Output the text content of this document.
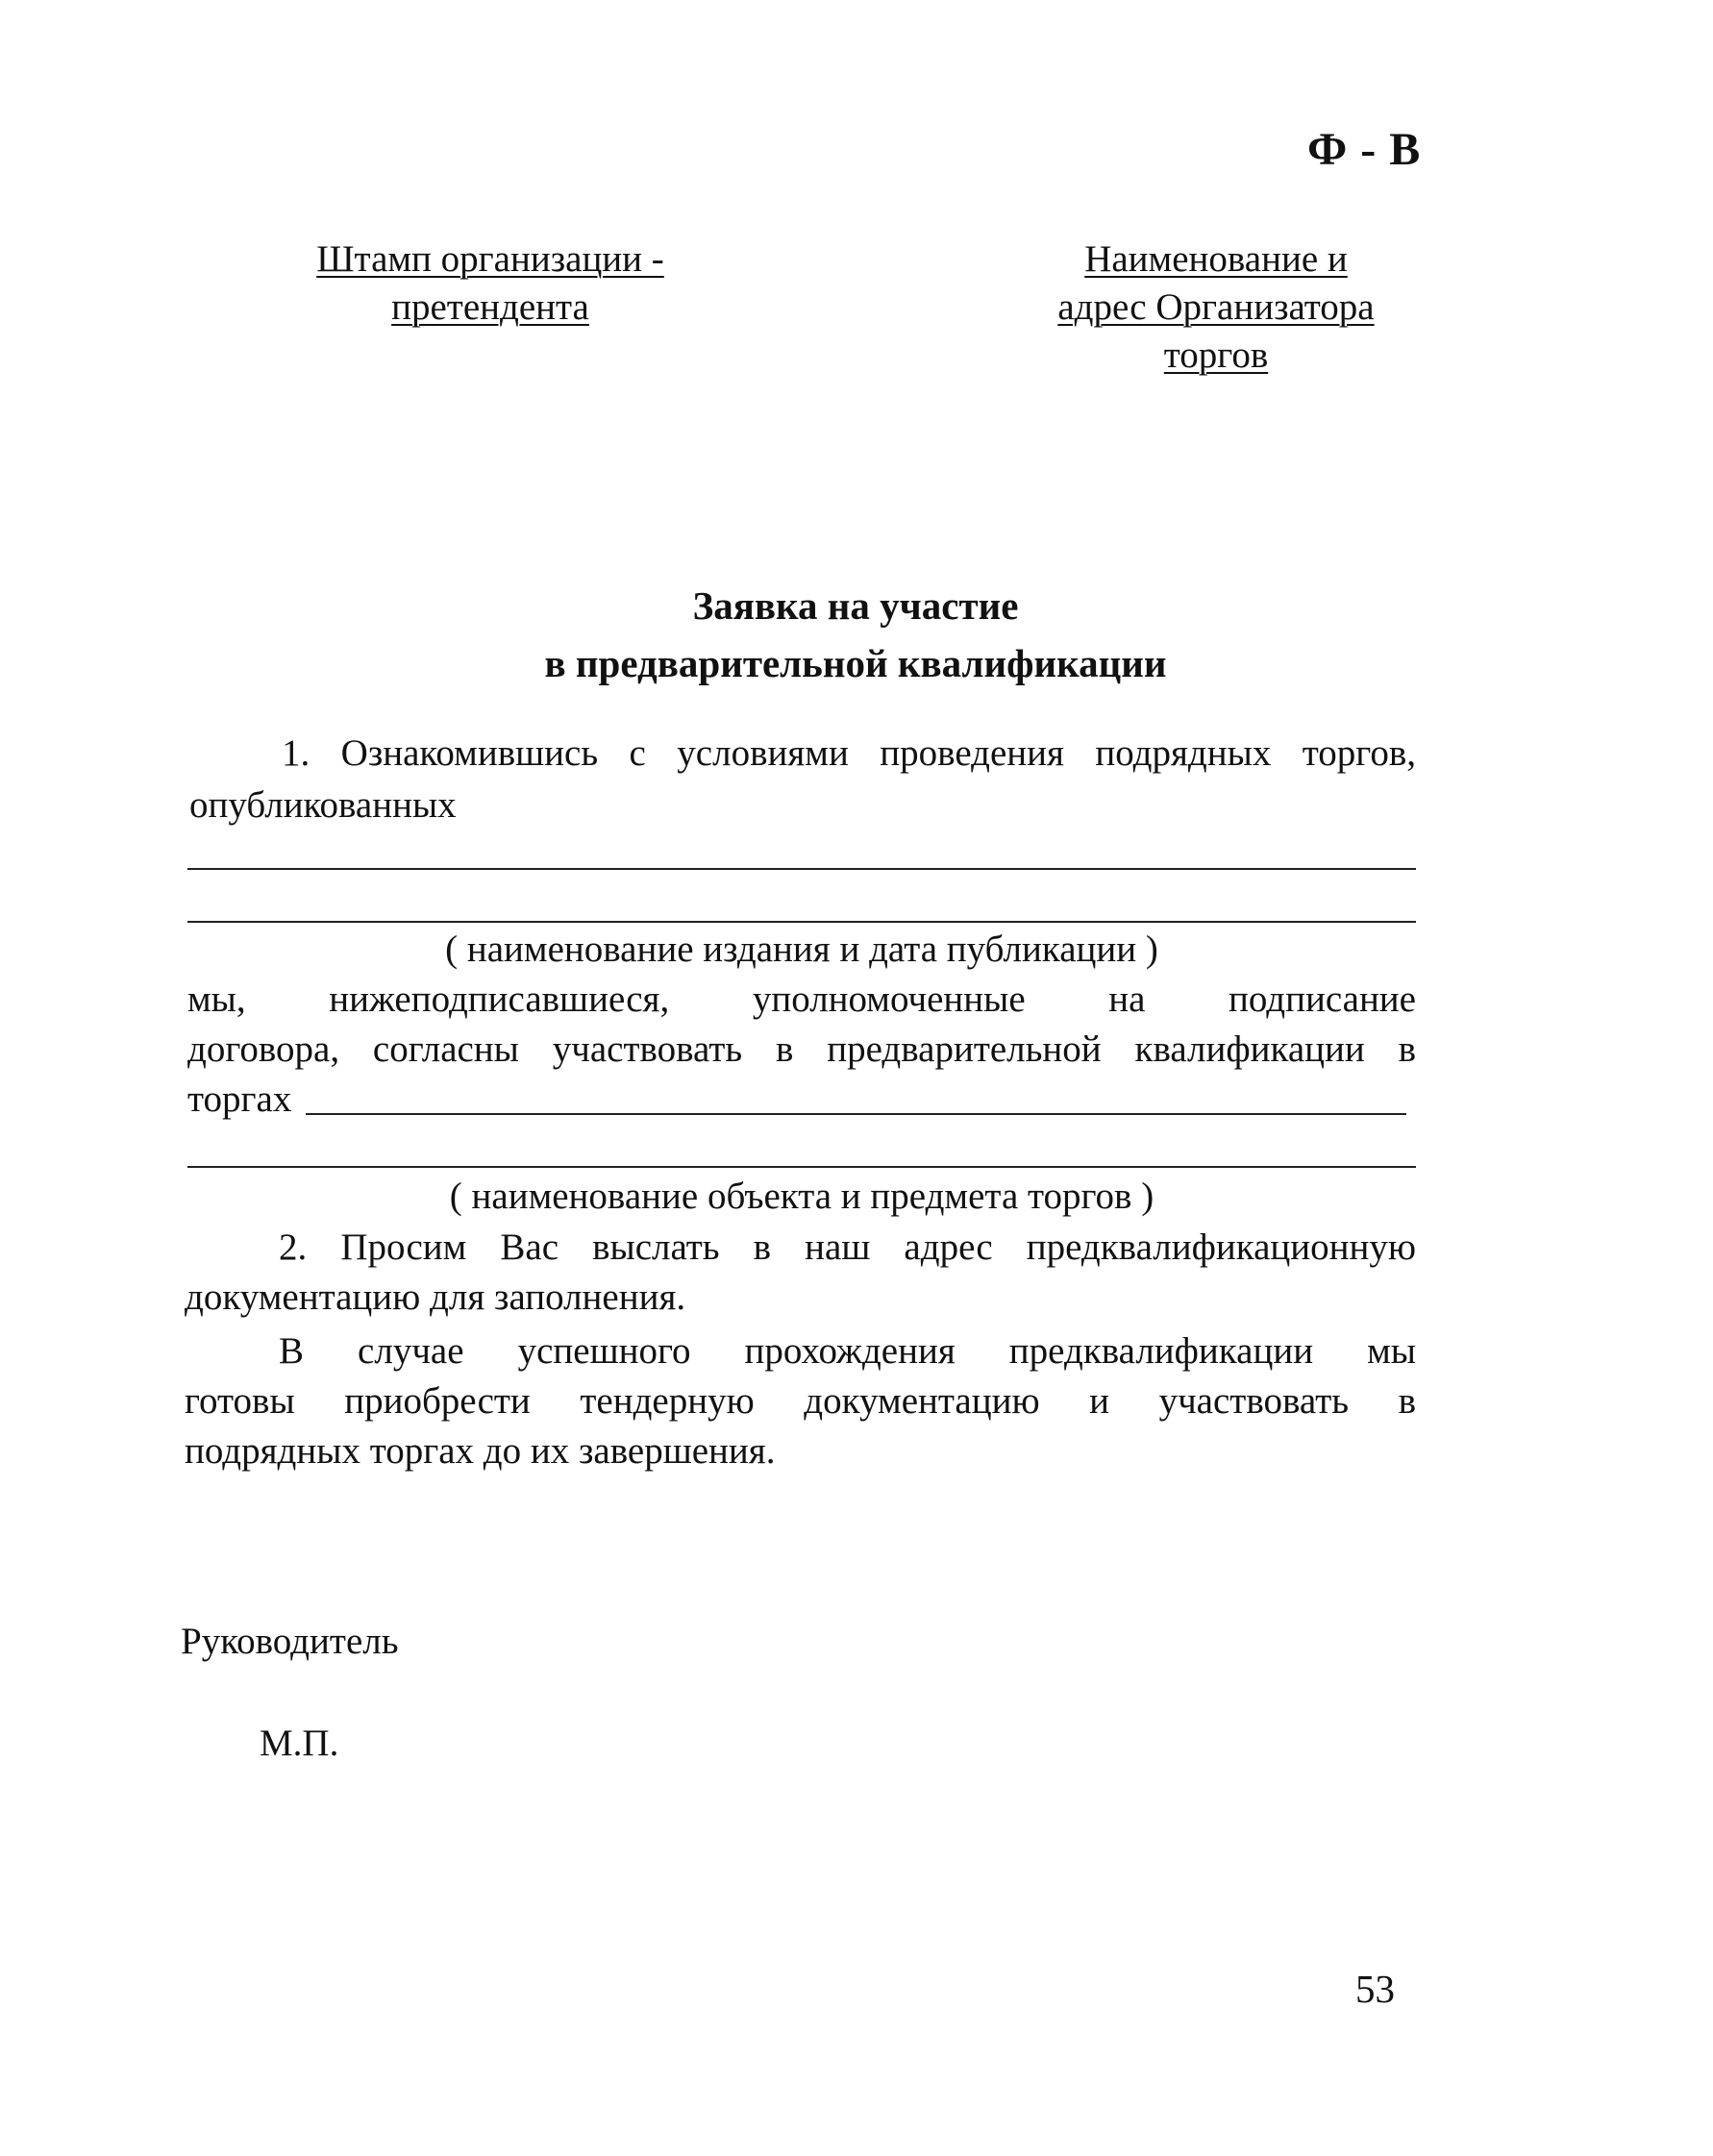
Ф - В
Штамп организации -
претендента
Наименование и
адрес Организатора
торгов
Заявка на участие
в предварительной квалификации
1. Ознакомившись с условиями проведения подрядных торгов,
опубликованных
( наименование издания и дата публикации )
мы, нижеподписавшиеся, уполномоченные на подписание
договора, согласны участвовать в предварительной квалификации в
торгах
( наименование объекта и предмета торгов )
2. Просим Вас выслать в наш адрес предквалификационную
документацию для заполнения.
В случае успешного прохождения предквалификации мы
готовы приобрести тендерную документацию и участвовать в
подрядных торгах до их завершения.
Руководитель
М.П.
53
